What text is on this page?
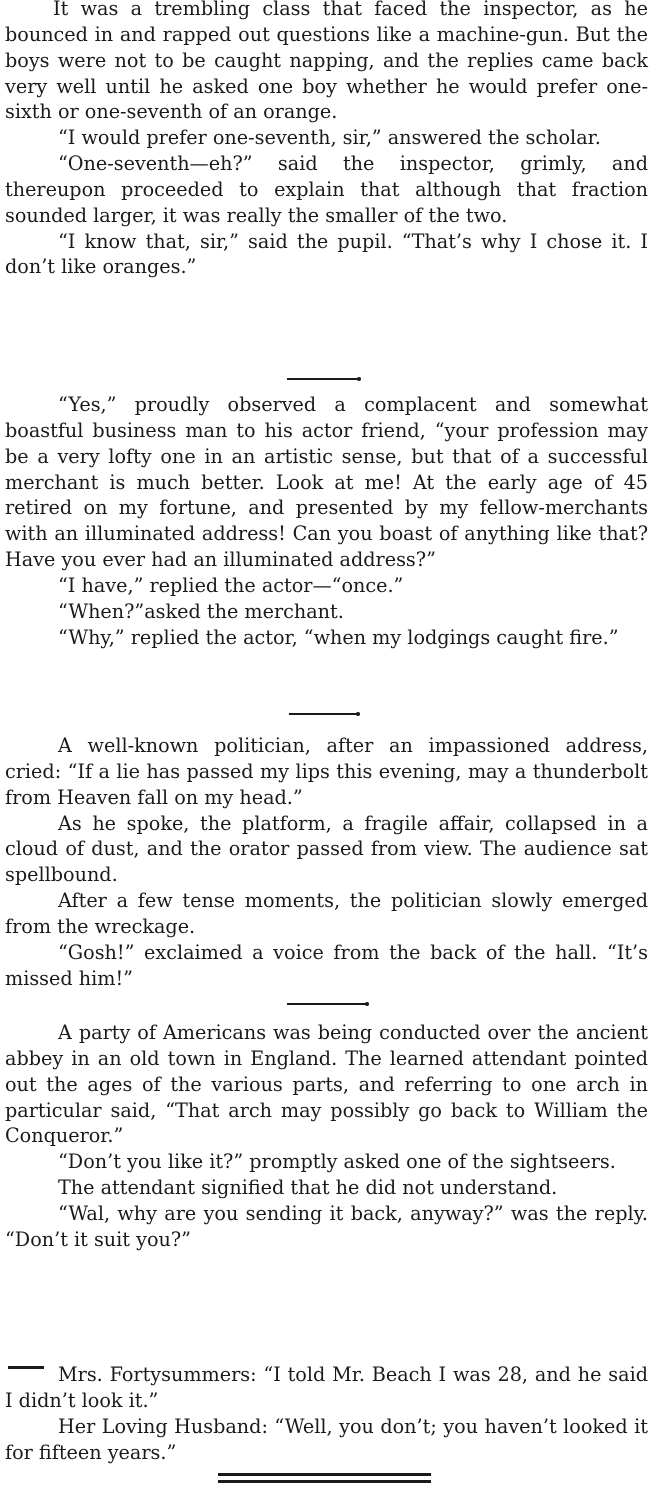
It was a trembling class that faced the inspector, as he bounced in and rapped out questions like a machine-gun. But the boys were not to be caught napping, and the replies came back very well until he asked one boy whether he would prefer one-sixth or one-seventh of an orange.

“I would prefer one-seventh, sir,” answered the scholar.

“One-seventh—eh?” said the inspector, grimly, and thereupon proceeded to explain that although that fraction sounded larger, it was really the smaller of the two.

“I know that, sir,” said the pupil. “That’s why I chose it. I don’t like oranges.”

“Yes,” proudly observed a complacent and somewhat boastful business man to his actor friend, “your profession may be a very lofty one in an artistic sense, but that of a successful merchant is much better. Look at me! At the early age of 45 retired on my fortune, and presented by my fellow-merchants with an illuminated address! Can you boast of anything like that? Have you ever had an illuminated address?”

“I have,” replied the actor—“once.”

“When?”asked the merchant.

“Why,” replied the actor, “when my lodgings caught fire.”

A well-known politician, after an impassioned address, cried: “If a lie has passed my lips this evening, may a thunderbolt from Heaven fall on my head.”

As he spoke, the platform, a fragile affair, collapsed in a cloud of dust, and the orator passed from view. The audience sat spellbound.

After a few tense moments, the politician slowly emerged from the wreckage.

“Gosh!” exclaimed a voice from the back of the hall. “It’s missed him!”

A party of Americans was being conducted over the ancient abbey in an old town in England. The learned attendant pointed out the ages of the various parts, and referring to one arch in particular said, “That arch may possibly go back to William the Conqueror.”

“Don’t you like it?” promptly asked one of the sightseers.

The attendant signified that he did not understand.

“Wal, why are you sending it back, anyway?” was the reply. “Don’t it suit you?”

Mrs. Fortysummers: “I told Mr. Beach I was 28, and he said I didn’t look it.”

Her Loving Husband: “Well, you don’t; you haven’t looked it for fifteen years.”
